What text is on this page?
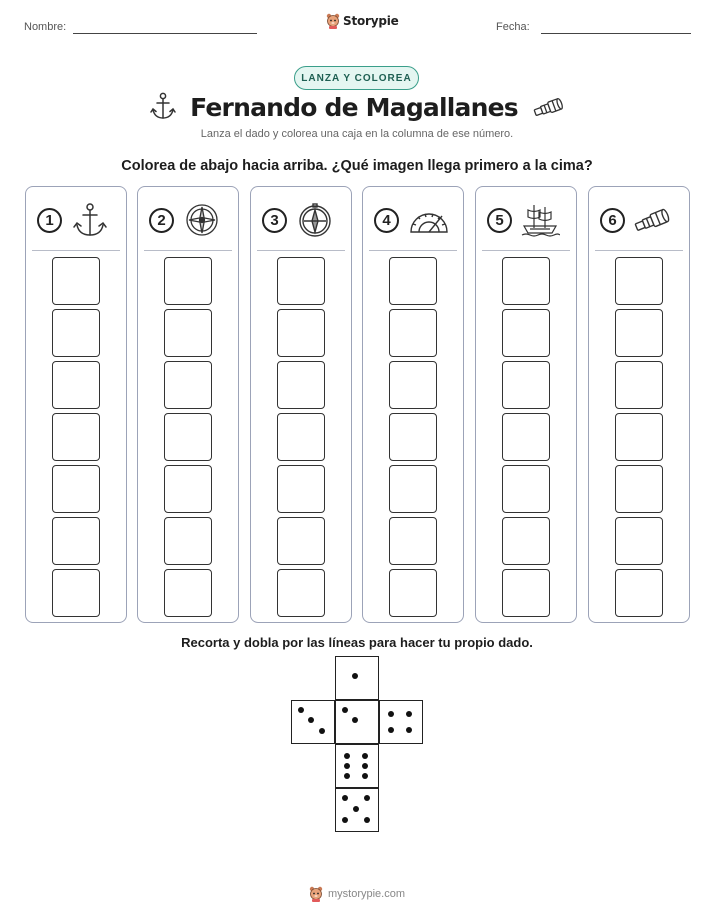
Nombre:	Storypie	Fecha:
LANZA Y COLOREA
Fernando de Magallanes
Lanza el dado y colorea una caja en la columna de ese número.
Colorea de abajo hacia arriba. ¿Qué imagen llega primero a la cima?
1	2	3	4	5	6
Recorta y dobla por las líneas para hacer tu propio dado.
mystorypie.com
